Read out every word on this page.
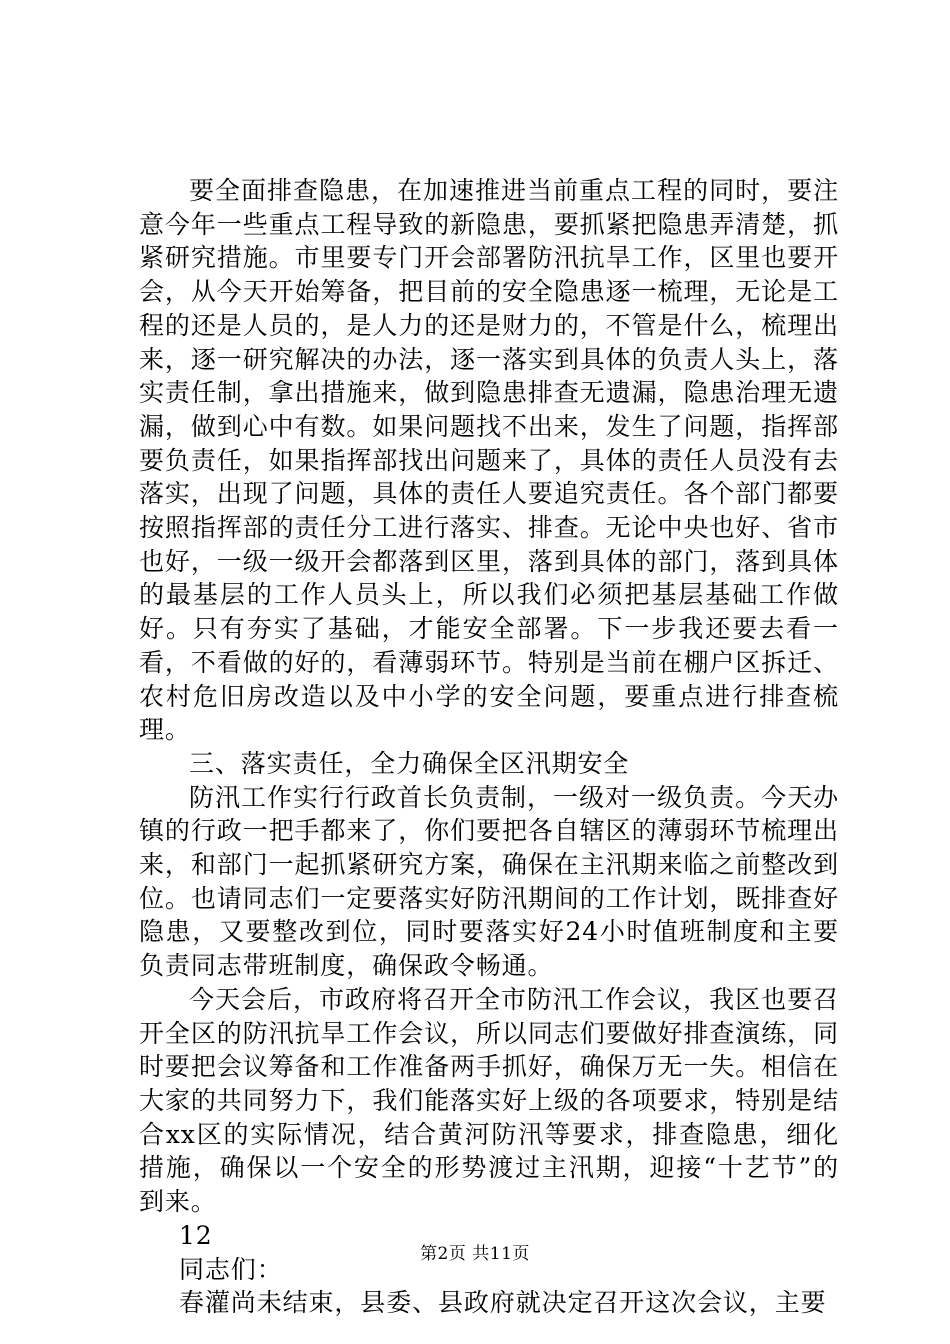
要全面排查隐患，在加速推进当前重点工程的同时，要注意今年一些重点工程导致的新隐患，要抓紧把隐患弄清楚，抓紧研究措施。市里要专门开会部署防汛抗旱工作，区里也要开会，从今天开始筹备，把目前的安全隐患逐一梳理，无论是工程的还是人员的，是人力的还是财力的，不管是什么，梳理出来，逐一研究解决的办法，逐一落实到具体的负责人头上，落实责任制，拿出措施来，做到隐患排查无遗漏，隐患治理无遗漏，做到心中有数。如果问题找不出来，发生了问题，指挥部要负责任，如果指挥部找出问题来了，具体的责任人员没有去落实，出现了问题，具体的责任人要追究责任。各个部门都要按照指挥部的责任分工进行落实、排查。无论中央也好、省市也好，一级一级开会都落到区里，落到具体的部门，落到具体的最基层的工作人员头上，所以我们必须把基层基础工作做好。只有夯实了基础，才能安全部署。下一步我还要去看一看，不看做的好的，看薄弱环节。特别是当前在棚户区拆迁、农村危旧房改造以及中小学的安全问题，要重点进行排查梳理。

三、落实责任，全力确保全区汛期安全

防汛工作实行行政首长负责制，一级对一级负责。今天办镇的行政一把手都来了，你们要把各自辖区的薄弱环节梳理出来，和部门一起抓紧研究方案，确保在主汛期来临之前整改到位。也请同志们一定要落实好防汛期间的工作计划，既排查好隐患，又要整改到位，同时要落实好24小时值班制度和主要负责同志带班制度，确保政令畅通。

今天会后，市政府将召开全市防汛工作会议，我区也要召开全区的防汛抗旱工作会议，所以同志们要做好排查演练，同时要把会议筹备和工作准备两手抓好，确保万无一失。相信在大家的共同努力下，我们能落实好上级的各项要求，特别是结合xx区的实际情况，结合黄河防汛等要求，排查隐患，细化措施，确保以一个安全的形势渡过主汛期，迎接“十艺节”的到来。

12

同志们：

春灌尚未结束，县委、县政府就决定召开这次会议，主要

第2页 共11页
